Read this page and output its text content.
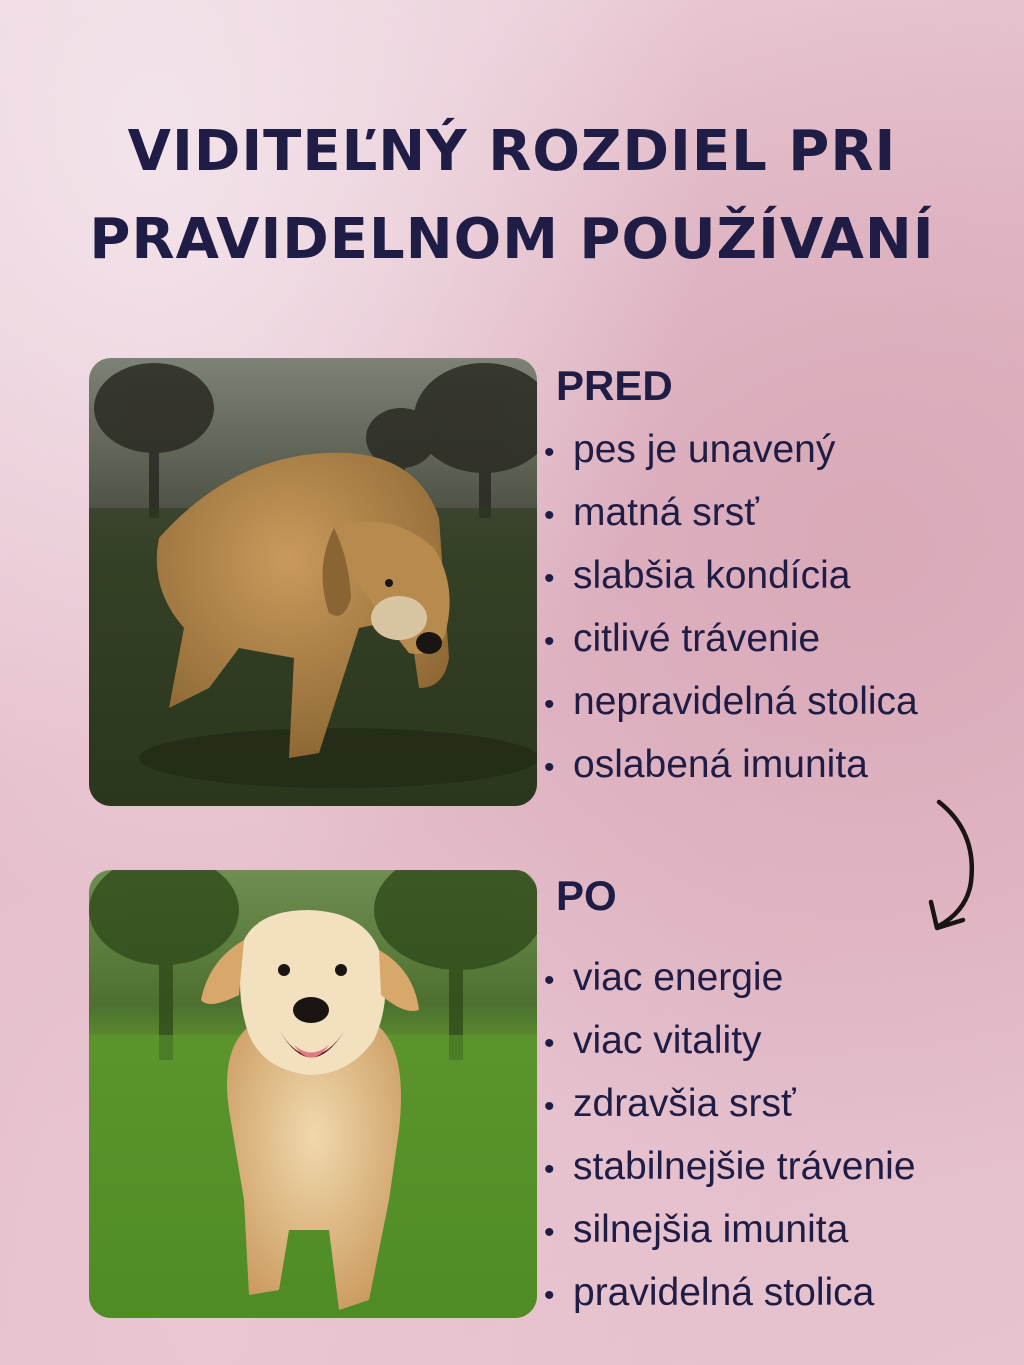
VIDITEĽNÝ ROZDIEL PRI
PRAVIDELNOM POUŽÍVANÍ
PRED
• pes je unavený
• matná srsť
• slabšia kondícia
• citlivé trávenie
• nepravidelná stolica
• oslabená imunita
PO
• viac energie
• viac vitality
• zdravšia srsť
• stabilnejšie trávenie
• silnejšia imunita
• pravidelná stolica
